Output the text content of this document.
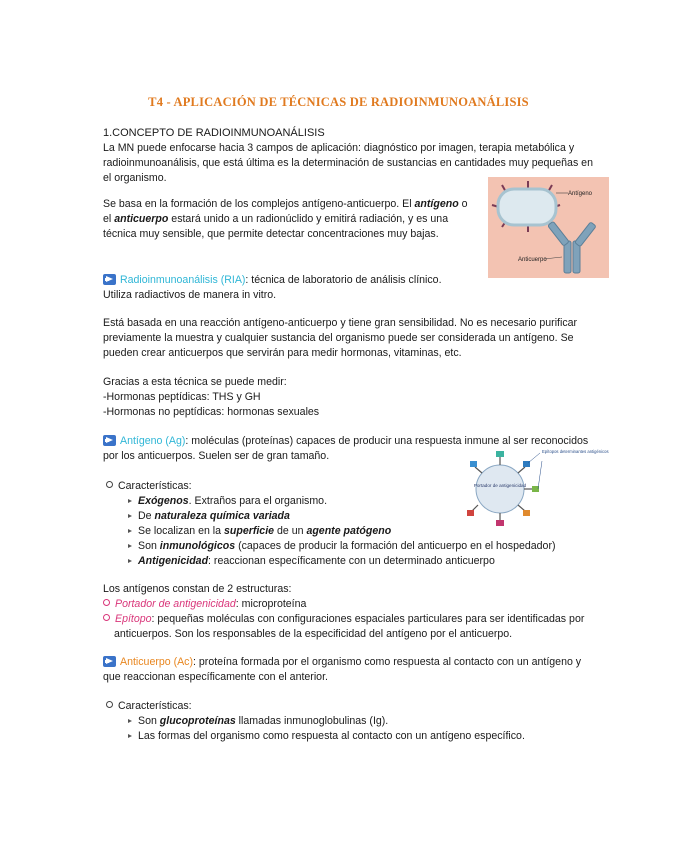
T4 - APLICACIÓN DE TÉCNICAS DE RADIOINMUNOANÁLISIS

1.CONCEPTO DE RADIOINMUNOANÁLISIS

La MN puede enfocarse hacia 3 campos de aplicación: diagnóstico por imagen, terapia metabólica y

radioinmunoanálisis, que está última es la determinación de sustancias en cantidades muy pequeñas en

el organismo.

Se basa en la formación de los complejos antígeno-anticuerpo. El antígeno o

el anticuerpo estará unido a un radionúclido y emitirá radiación, y es una

técnica muy sensible, que permite detectar concentraciones muy bajas.

Antígeno
Anticuerpo

Radioinmunoanálisis (RIA): técnica de laboratorio de análisis clínico.

Utiliza radiactivos de manera in vitro.

Está basada en una reacción antígeno-anticuerpo y tiene gran sensibilidad. No es necesario purificar

previamente la muestra y cualquier sustancia del organismo puede ser considerada un antígeno. Se

pueden crear anticuerpos que servirán para medir hormonas, vitaminas, etc.

Gracias a esta técnica se puede medir:

-Hormonas peptídicas: THS y GH

-Hormonas no peptídicas: hormonas sexuales

Antígeno (Ag): moléculas (proteínas) capaces de producir una respuesta inmune al ser reconocidos

por los anticuerpos. Suelen ser de gran tamaño.

Portador de antigenicidad
Epítopos determinantes antigénicos

Características:

Exógenos. Extraños para el organismo.

De naturaleza química variada

Se localizan en la superficie de un agente patógeno

Son inmunológicos (capaces de producir la formación del anticuerpo en el hospedador)

Antigenicidad: reaccionan específicamente con un determinado anticuerpo

Los antígenos constan de 2 estructuras:

Portador de antigenicidad: microproteína

Epítopo: pequeñas moléculas con configuraciones espaciales particulares para ser identificadas por

anticuerpos. Son los responsables de la especificidad del antígeno por el anticuerpo.

Anticuerpo (Ac): proteína formada por el organismo como respuesta al contacto con un antígeno y

que reaccionan específicamente con el anterior.

Características:

Son glucoproteínas llamadas inmunoglobulinas (Ig).

Las formas del organismo como respuesta al contacto con un antígeno específico.
